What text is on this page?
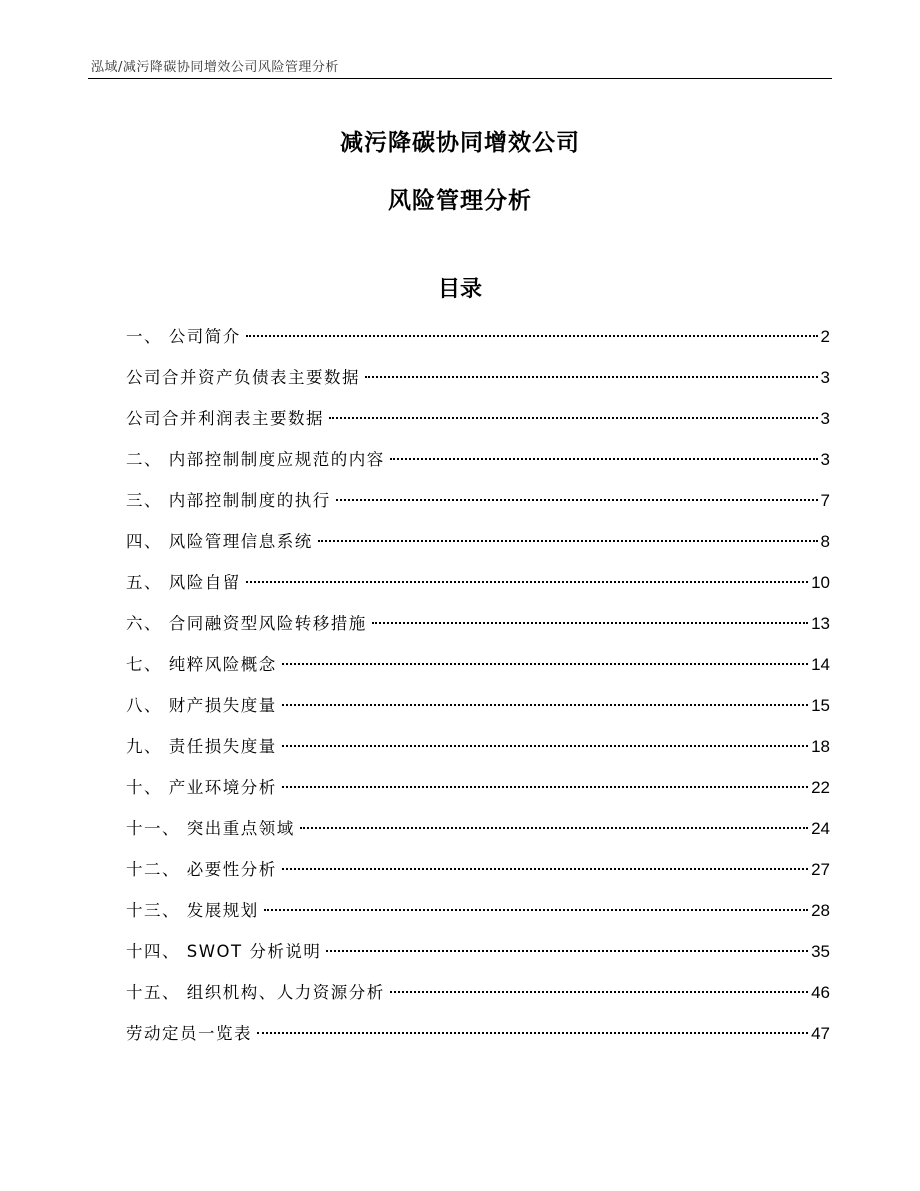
泓域/减污降碳协同增效公司风险管理分析
减污降碳协同增效公司
风险管理分析
目录
一、 公司简介	2
公司合并资产负债表主要数据	3
公司合并利润表主要数据	3
二、 内部控制制度应规范的内容	3
三、 内部控制制度的执行	7
四、 风险管理信息系统	8
五、 风险自留	10
六、 合同融资型风险转移措施	13
七、 纯粹风险概念	14
八、 财产损失度量	15
九、 责任损失度量	18
十、 产业环境分析	22
十一、 突出重点领域	24
十二、 必要性分析	27
十三、 发展规划	28
十四、 SWOT 分析说明	35
十五、 组织机构、人力资源分析	46
劳动定员一览表	47
